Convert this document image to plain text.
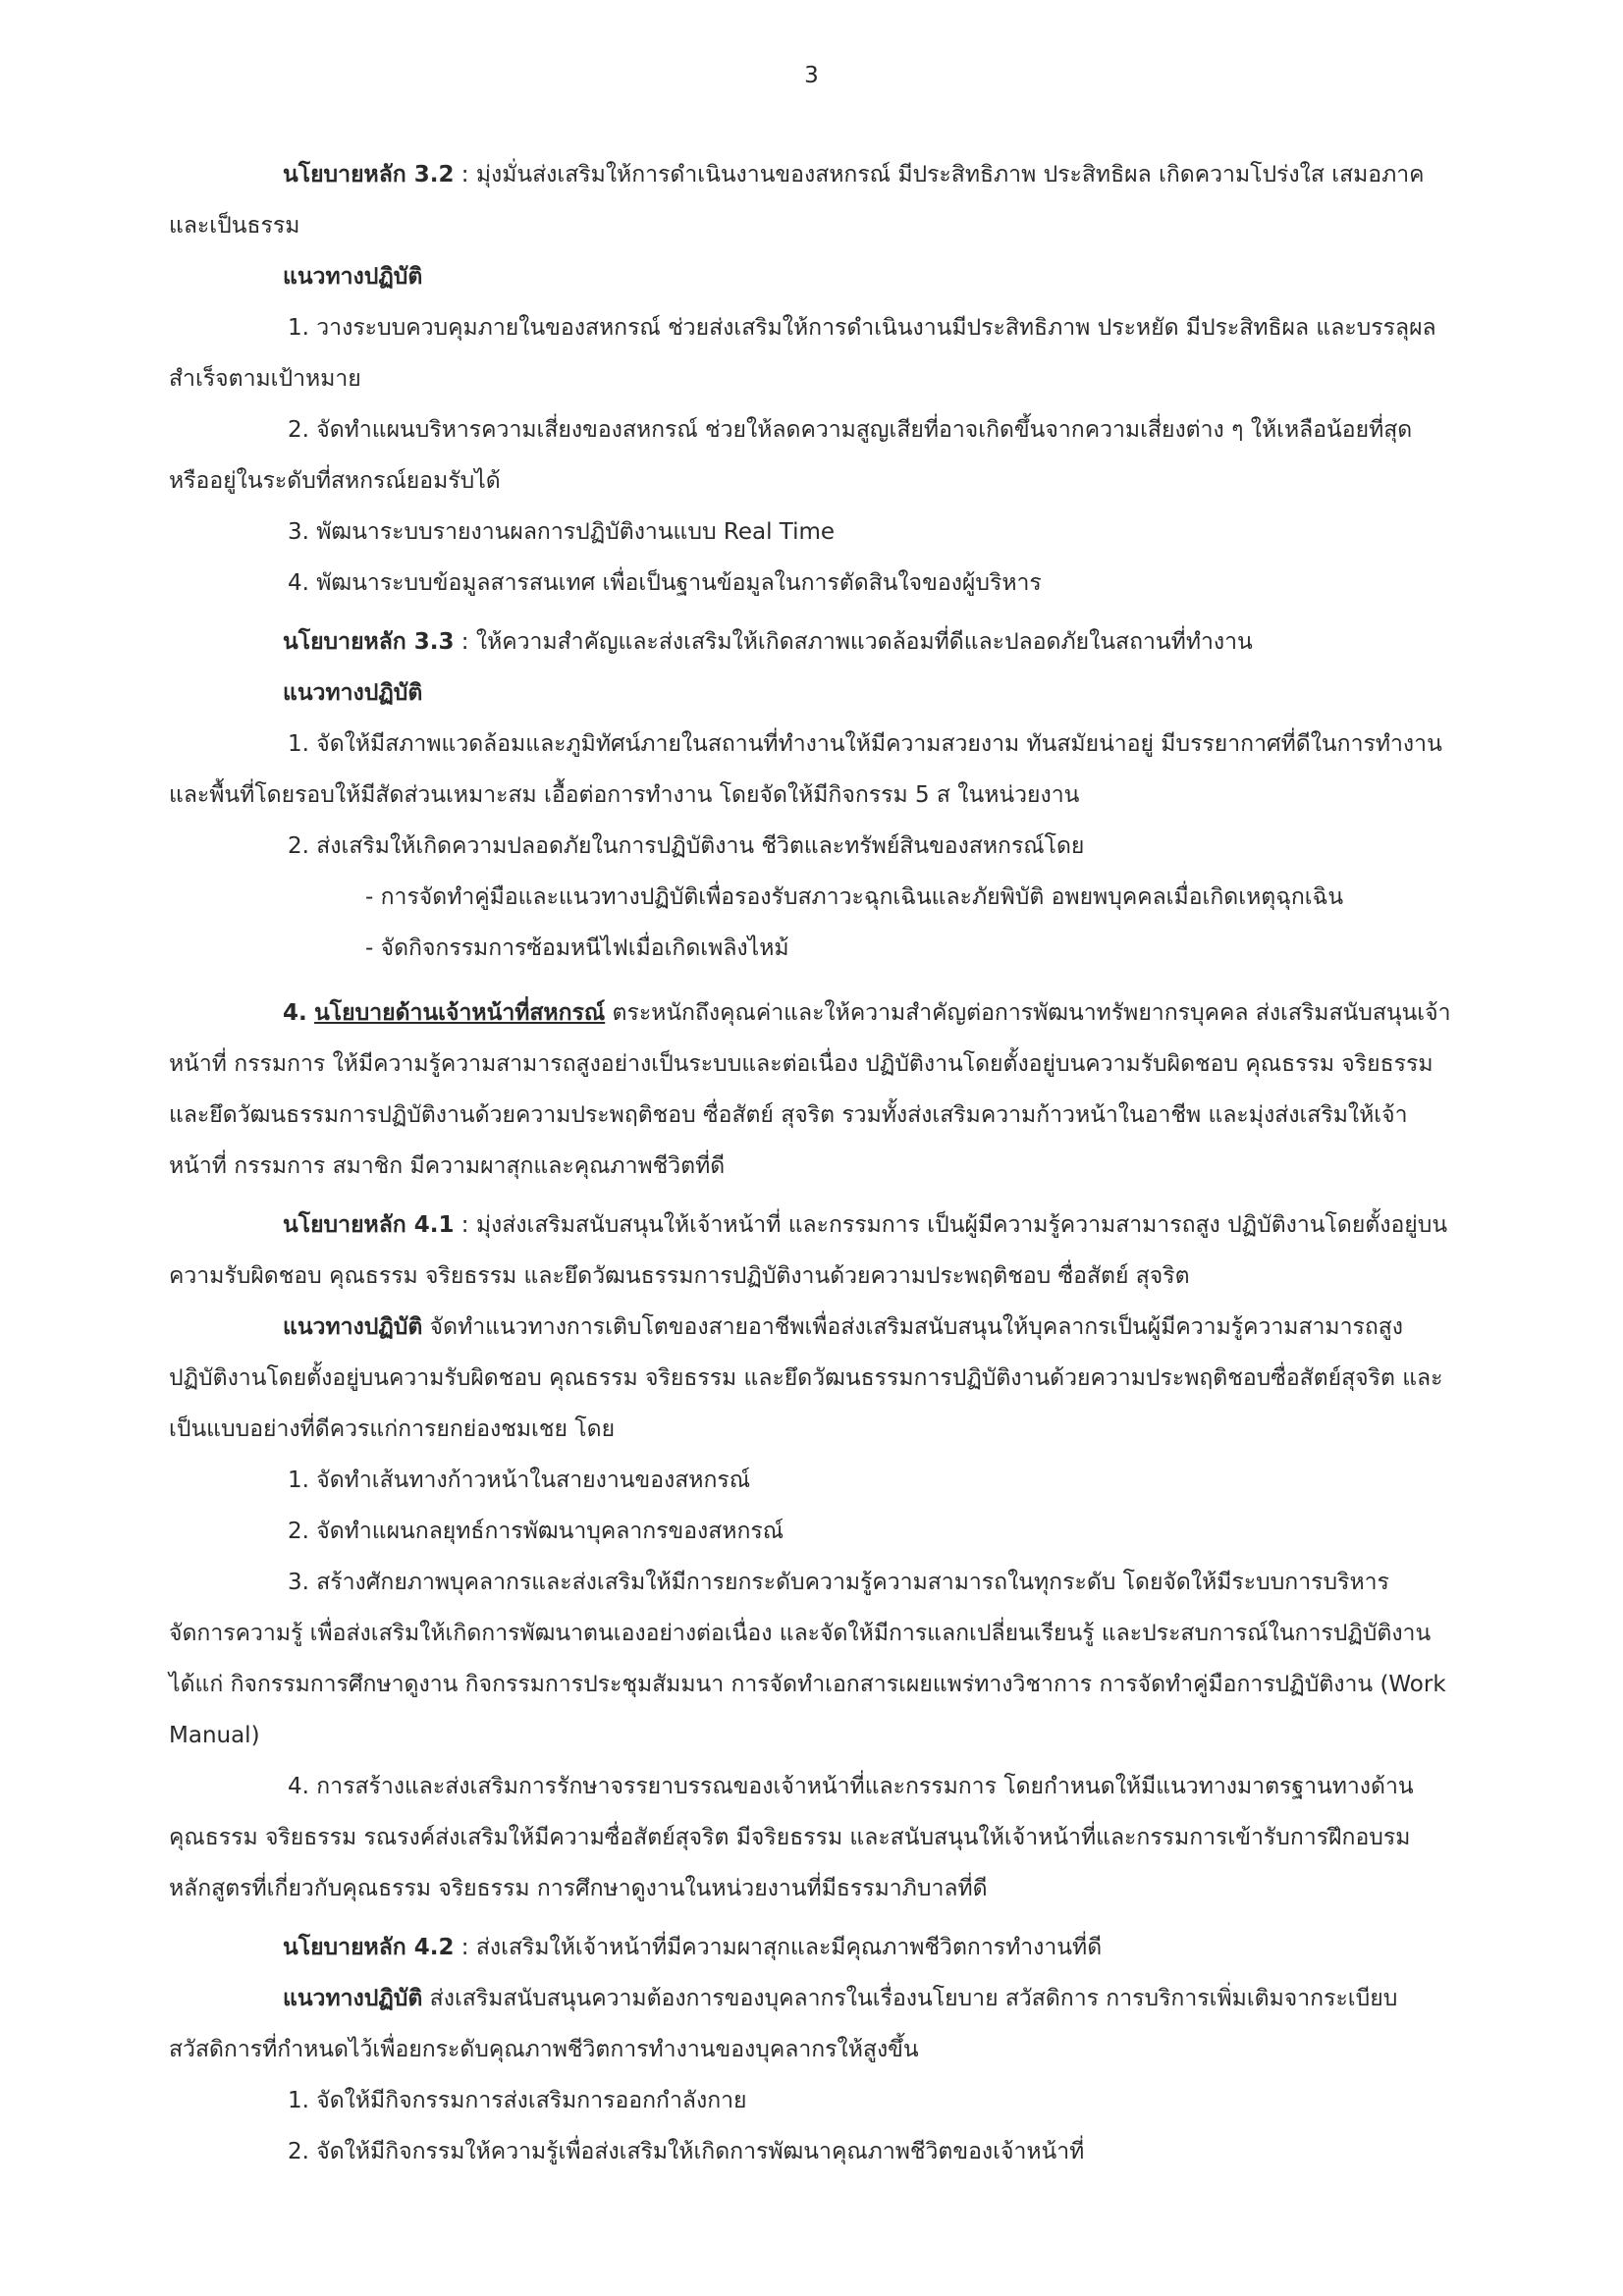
3

นโยบายหลัก 3.2 : มุ่งมั่นส่งเสริมให้การดำเนินงานของสหกรณ์ มีประสิทธิภาพ ประสิทธิผล เกิดความโปร่งใส เสมอภาคและเป็นธรรม

แนวทางปฏิบัติ

1. วางระบบควบคุมภายในของสหกรณ์ ช่วยส่งเสริมให้การดำเนินงานมีประสิทธิภาพ ประหยัด มีประสิทธิผล และบรรลุผลสำเร็จตามเป้าหมาย

2. จัดทำแผนบริหารความเสี่ยงของสหกรณ์ ช่วยให้ลดความสูญเสียที่อาจเกิดขึ้นจากความเสี่ยงต่าง ๆ ให้เหลือน้อยที่สุด หรืออยู่ในระดับที่สหกรณ์ยอมรับได้

3. พัฒนาระบบรายงานผลการปฏิบัติงานแบบ Real Time

4. พัฒนาระบบข้อมูลสารสนเทศ เพื่อเป็นฐานข้อมูลในการตัดสินใจของผู้บริหาร

นโยบายหลัก 3.3 : ให้ความสำคัญและส่งเสริมให้เกิดสภาพแวดล้อมที่ดีและปลอดภัยในสถานที่ทำงาน

แนวทางปฏิบัติ

1. จัดให้มีสภาพแวดล้อมและภูมิทัศน์ภายในสถานที่ทำงานให้มีความสวยงาม ทันสมัยน่าอยู่ มีบรรยากาศที่ดีในการทำงานและพื้นที่โดยรอบให้มีสัดส่วนเหมาะสม เอื้อต่อการทำงาน โดยจัดให้มีกิจกรรม 5 ส ในหน่วยงาน

2. ส่งเสริมให้เกิดความปลอดภัยในการปฏิบัติงาน ชีวิตและทรัพย์สินของสหกรณ์โดย

- การจัดทำคู่มือและแนวทางปฏิบัติเพื่อรองรับสภาวะฉุกเฉินและภัยพิบัติ อพยพบุคคลเมื่อเกิดเหตุฉุกเฉิน

- จัดกิจกรรมการซ้อมหนีไฟเมื่อเกิดเพลิงไหม้

4. นโยบายด้านเจ้าหน้าที่สหกรณ์ ตระหนักถึงคุณค่าและให้ความสำคัญต่อการพัฒนาทรัพยากรบุคคล ส่งเสริมสนับสนุนเจ้าหน้าที่ กรรมการ ให้มีความรู้ความสามารถสูงอย่างเป็นระบบและต่อเนื่อง ปฏิบัติงานโดยตั้งอยู่บนความรับผิดชอบ คุณธรรม จริยธรรม และยึดวัฒนธรรมการปฏิบัติงานด้วยความประพฤติชอบ ซื่อสัตย์ สุจริต รวมทั้งส่งเสริมความก้าวหน้าในอาชีพ และมุ่งส่งเสริมให้เจ้าหน้าที่ กรรมการ สมาชิก มีความผาสุกและคุณภาพชีวิตที่ดี

นโยบายหลัก 4.1 : มุ่งส่งเสริมสนับสนุนให้เจ้าหน้าที่ และกรรมการ เป็นผู้มีความรู้ความสามารถสูง ปฏิบัติงานโดยตั้งอยู่บนความรับผิดชอบ คุณธรรม จริยธรรม และยึดวัฒนธรรมการปฏิบัติงานด้วยความประพฤติชอบ ซื่อสัตย์ สุจริต

แนวทางปฏิบัติ จัดทำแนวทางการเติบโตของสายอาชีพเพื่อส่งเสริมสนับสนุนให้บุคลากรเป็นผู้มีความรู้ความสามารถสูงปฏิบัติงานโดยตั้งอยู่บนความรับผิดชอบ คุณธรรม จริยธรรม และยึดวัฒนธรรมการปฏิบัติงานด้วยความประพฤติชอบซื่อสัตย์สุจริต และเป็นแบบอย่างที่ดีควรแก่การยกย่องชมเชย โดย

1. จัดทำเส้นทางก้าวหน้าในสายงานของสหกรณ์

2. จัดทำแผนกลยุทธ์การพัฒนาบุคลากรของสหกรณ์

3. สร้างศักยภาพบุคลากรและส่งเสริมให้มีการยกระดับความรู้ความสามารถในทุกระดับ โดยจัดให้มีระบบการบริหารจัดการความรู้ เพื่อส่งเสริมให้เกิดการพัฒนาตนเองอย่างต่อเนื่อง และจัดให้มีการแลกเปลี่ยนเรียนรู้ และประสบการณ์ในการปฏิบัติงาน ได้แก่ กิจกรรมการศึกษาดูงาน กิจกรรมการประชุมสัมมนา การจัดทำเอกสารเผยแพร่ทางวิชาการ การจัดทำคู่มือการปฏิบัติงาน (Work Manual)

4. การสร้างและส่งเสริมการรักษาจรรยาบรรณของเจ้าหน้าที่และกรรมการ โดยกำหนดให้มีแนวทางมาตรฐานทางด้านคุณธรรม จริยธรรม รณรงค์ส่งเสริมให้มีความซื่อสัตย์สุจริต มีจริยธรรม และสนับสนุนให้เจ้าหน้าที่และกรรมการเข้ารับการฝึกอบรมหลักสูตรที่เกี่ยวกับคุณธรรม จริยธรรม การศึกษาดูงานในหน่วยงานที่มีธรรมาภิบาลที่ดี

นโยบายหลัก 4.2 : ส่งเสริมให้เจ้าหน้าที่มีความผาสุกและมีคุณภาพชีวิตการทำงานที่ดี

แนวทางปฏิบัติ ส่งเสริมสนับสนุนความต้องการของบุคลากรในเรื่องนโยบาย สวัสดิการ การบริการเพิ่มเติมจากระเบียบ สวัสดิการที่กำหนดไว้เพื่อยกระดับคุณภาพชีวิตการทำงานของบุคลากรให้สูงขึ้น

1. จัดให้มีกิจกรรมการส่งเสริมการออกกำลังกาย

2. จัดให้มีกิจกรรมให้ความรู้เพื่อส่งเสริมให้เกิดการพัฒนาคุณภาพชีวิตของเจ้าหน้าที่
